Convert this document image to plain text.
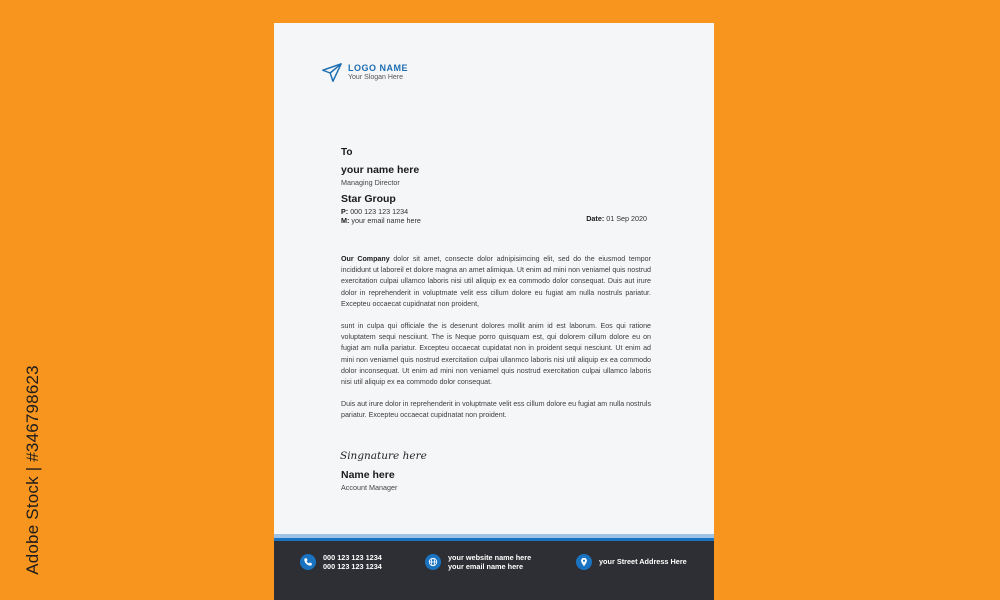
Adobe Stock | #346798623
LOGO NAME
Your Slogan Here
To
your name here
Managing Director
Star Group
P: 000 123 123 1234
M: your email name here	Date: 01 Sep 2020

Our Company dolor sit amet, consecte dolor adnipisimcing elit, sed do the eiusmod tempor incididunt ut laboreil et dolore magna an amet alimiqua. Ut enim ad mini non veniamel quis nostrud exercitation culpai ullamco laboris nisi util aliquip ex ea commodo dolor consequat. Duis aut irure dolor in reprehenderit in voluptmate velit ess cillum dolore eu fugiat am nulla nostruls pariatur. Excepteu occaecat cupidnatat non proident,

sunt in culpa qui officiale the is deserunt dolores mollit anim id est laborum. Eos qui ratione voluptatem sequi nesciiunt. The is Neque porro quisquam est, qui dolorem cillum dolore eu on fugiat am nulla pariatur. Excepteu occaecat cupidatat non in proident sequi nesciunt. Ut enim ad mini non veniamel quis nostrud exercitation culpai ullanmco laboris nisi util aliquip ex ea commodo dolor inconsequat. Ut enim ad mini non veniamel quis nostrud exercitation culpai ullamco laboris nisi util aliquip ex ea commodo dolor consequat.

Duis aut irure dolor in reprehenderit in voluptmate velit ess cillum dolore eu fugiat am nulla nostruls pariatur. Excepteu occaecat cupidnatat non proident.

Singnature here
Name here
Account Manager
000 123 123 1234
000 123 123 1234
your website name here
your email name here
your Street Address Here
